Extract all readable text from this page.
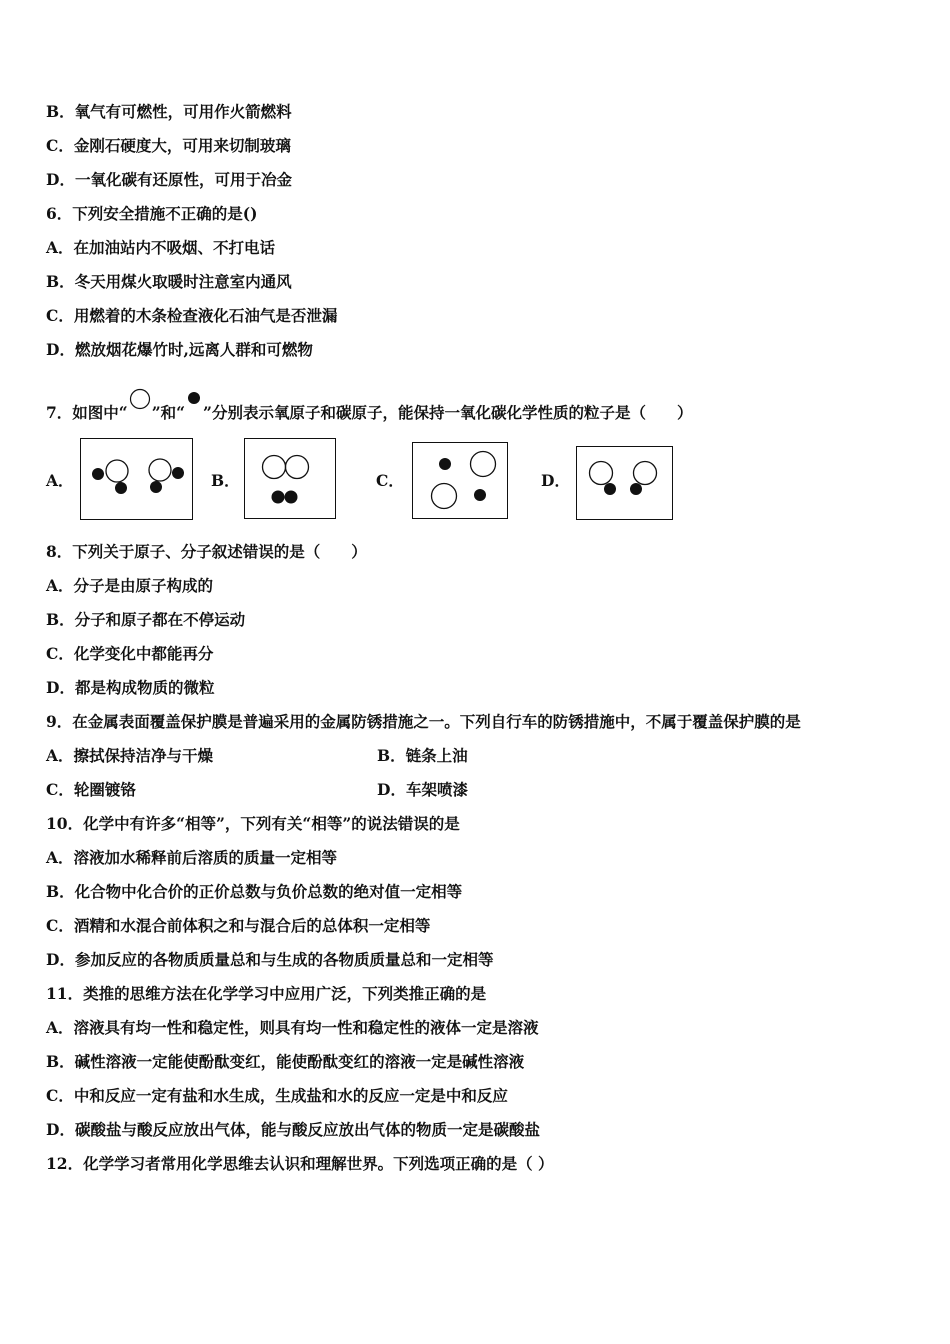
B．氧气有可燃性，可用作火箭燃料
C．金刚石硬度大，可用来切制玻璃
D．一氧化碳有还原性，可用于冶金
6．下列安全措施不正确的是()
A．在加油站内不吸烟、不打电话
B．冬天用煤火取暖时注意室内通风
C．用燃着的木条检查液化石油气是否泄漏
D．燃放烟花爆竹时,远离人群和可燃物
7．如图中“ ”和“ ”分别表示氧原子和碳原子，能保持一氧化碳化学性质的粒子是（　　）
A．	B．	C．	D．
8．下列关于原子、分子叙述错误的是（　　）
A．分子是由原子构成的
B．分子和原子都在不停运动
C．化学变化中都能再分
D．都是构成物质的微粒
9．在金属表面覆盖保护膜是普遍采用的金属防锈措施之一。下列自行车的防锈措施中，不属于覆盖保护膜的是
A．擦拭保持洁净与干燥	B．链条上油
C．轮圈镀铬	D．车架喷漆
10．化学中有许多“相等”，下列有关“相等”的说法错误的是
A．溶液加水稀释前后溶质的质量一定相等
B．化合物中化合价的正价总数与负价总数的绝对值一定相等
C．酒精和水混合前体积之和与混合后的总体积一定相等
D．参加反应的各物质质量总和与生成的各物质质量总和一定相等
11．类推的思维方法在化学学习中应用广泛，下列类推正确的是
A．溶液具有均一性和稳定性，则具有均一性和稳定性的液体一定是溶液
B．碱性溶液一定能使酚酞变红，能使酚酞变红的溶液一定是碱性溶液
C．中和反应一定有盐和水生成，生成盐和水的反应一定是中和反应
D．碳酸盐与酸反应放出气体，能与酸反应放出气体的物质一定是碳酸盐
12．化学学习者常用化学思维去认识和理解世界。下列选项正确的是（ ）
